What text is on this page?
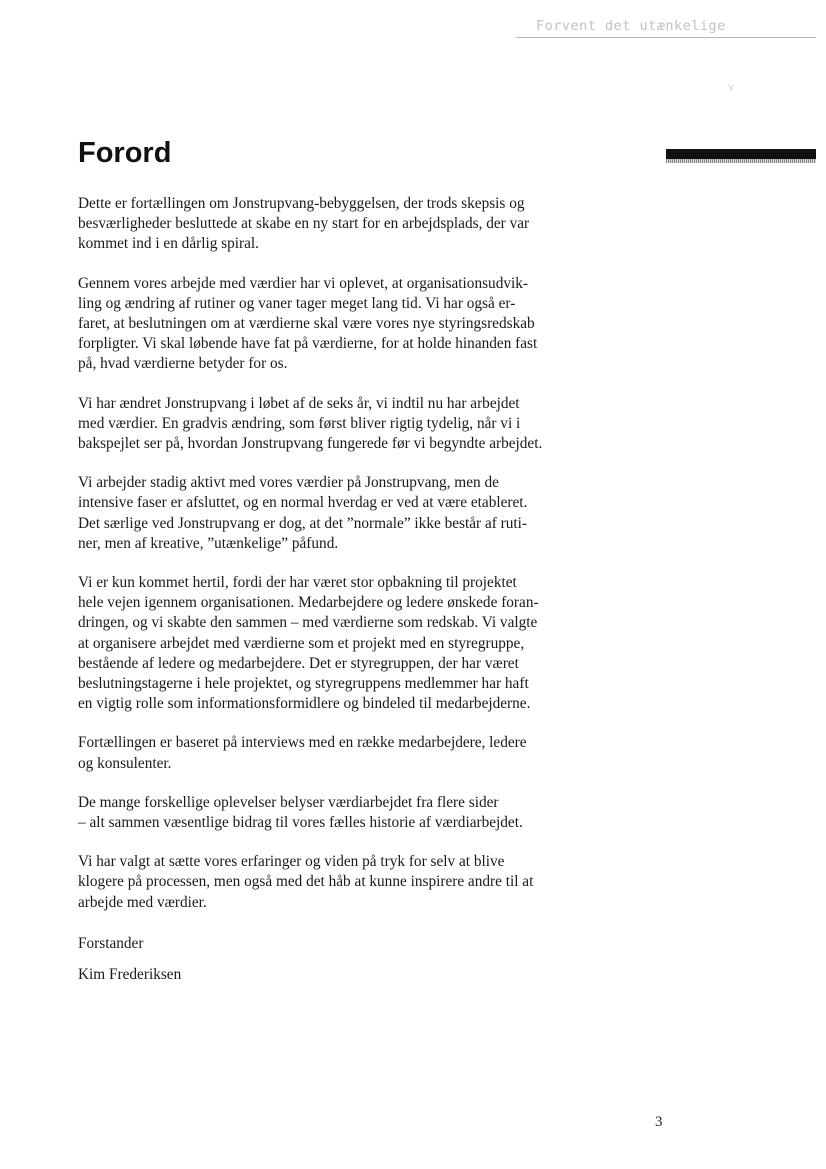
Forvent det utænkelige
ᵞ
Forord

Dette er fortællingen om Jonstrupvang-bebyggelsen, der trods skepsis og
besværligheder besluttede at skabe en ny start for en arbejdsplads, der var
kommet ind i en dårlig spiral.

Gennem vores arbejde med værdier har vi oplevet, at organisationsudvik-
ling og ændring af rutiner og vaner tager meget lang tid. Vi har også er-
faret, at beslutningen om at værdierne skal være vores nye styringsredskab
forpligter. Vi skal løbende have fat på værdierne, for at holde hinanden fast
på, hvad værdierne betyder for os.

Vi har ændret Jonstrupvang i løbet af de seks år, vi indtil nu har arbejdet
med værdier. En gradvis ændring, som først bliver rigtig tydelig, når vi i
bakspejlet ser på, hvordan Jonstrupvang fungerede før vi begyndte arbejdet.

Vi arbejder stadig aktivt med vores værdier på Jonstrupvang, men de
intensive faser er afsluttet, og en normal hverdag er ved at være etableret.
Det særlige ved Jonstrupvang er dog, at det ”normale” ikke består af ruti-
ner, men af kreative, ”utænkelige” påfund.

Vi er kun kommet hertil, fordi der har været stor opbakning til projektet
hele vejen igennem organisationen. Medarbejdere og ledere ønskede foran-
dringen, og vi skabte den sammen – med værdierne som redskab. Vi valgte
at organisere arbejdet med værdierne som et projekt med en styregruppe,
bestående af ledere og medarbejdere. Det er styregruppen, der har været
beslutningstagerne i hele projektet, og styregruppens medlemmer har haft
en vigtig rolle som informationsformidlere og bindeled til medarbejderne.

Fortællingen er baseret på interviews med en række medarbejdere, ledere
og konsulenter.

De mange forskellige oplevelser belyser værdiarbejdet fra flere sider
– alt sammen væsentlige bidrag til vores fælles historie af værdiarbejdet.

Vi har valgt at sætte vores erfaringer og viden på tryk for selv at blive
klogere på processen, men også med det håb at kunne inspirere andre til at
arbejde med værdier.

Forstander
Kim Frederiksen
3
